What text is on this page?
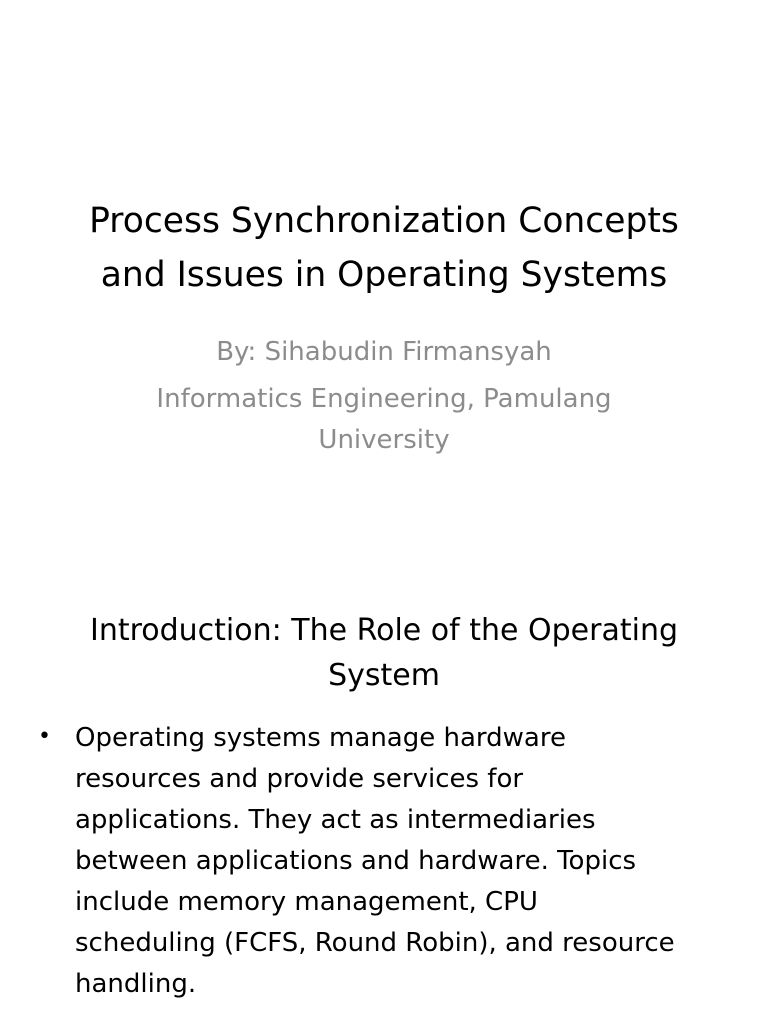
Process Synchronization Concepts
and Issues in Operating Systems

By: Sihabudin Firmansyah

Informatics Engineering, Pamulang
University

Introduction: The Role of the Operating
System
• Operating systems manage hardware
resources and provide services for
applications. They act as intermediaries
between applications and hardware. Topics
include memory management, CPU
scheduling (FCFS, Round Robin), and resource
handling.
